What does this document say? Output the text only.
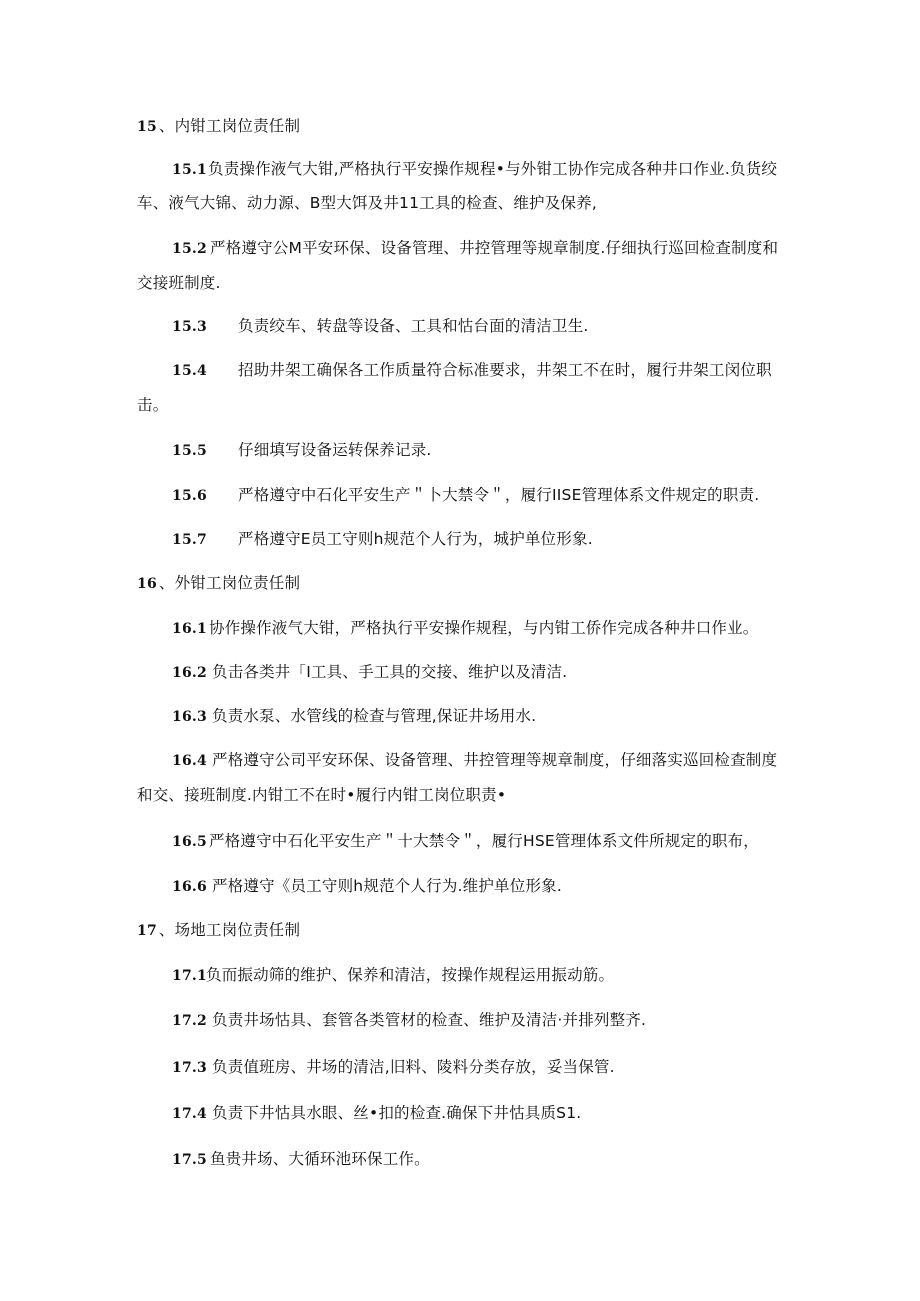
15 、内钳工岗位责任制
15.1负责操作液气大钳,严格执行平安操作规程•与外钳工协作完成各种井口作业.负货绞
车、液气大锦、动力源、B型大饵及井11工具的检查、维护及保养,
15.2 严格遵守公M平安环保、设备管理、井控管理等规章制度.仔细执行巡回检查制度和
交接班制度.
15.3 负责绞车、转盘等设备、工具和怙台面的清洁卫生.
15.4 招助井架工确保各工作质量符合标准要求，井架工不在时，履行井架工闵位职
击。
15.5 仔细填写设备运转保养记录.
15.6 严格遵守中石化平安生产＂卜大禁令＂，履行IISE管理体系文件规定的职责.
15.7 严格遵守E员工守则h规范个人行为，城护单位形象.
16 、外钳工岗位责任制
16.1 协作操作液气大钳，严格执行平安操作规程，与内钳工侨作完成各种井口作业。
16.2 负击各类井「I工具、手工具的交接、维护以及清洁.
16.3 负责水泵、水管线的检查与管理,保证井场用水.
16.4 严格遵守公司平安环保、设备管理、井控管理等规章制度，仔细落实巡回检查制度
和交、接班制度.内钳工不在时•履行内钳工岗位职责•
16.5 严格遵守中石化平安生产＂十大禁令＂，履行HSE管理体系文件所规定的职布，
16.6 严格遵守《员工守则h规范个人行为.维护单位形象.
17 、场地工岗位责任制
17.1负而振动筛的维护、保养和清洁，按操作规程运用振动筋。
17.2 负责井场怙具、套管各类管材的检查、维护及清洁·并排列整齐.
17.3 负责值班房、井场的清洁,旧料、陵料分类存放，妥当保管.
17.4 负责下井怙具水眼、丝•扣的检查.确保下井怙具质S1.
17.5 鱼贵井场、大循环池环保工作。
